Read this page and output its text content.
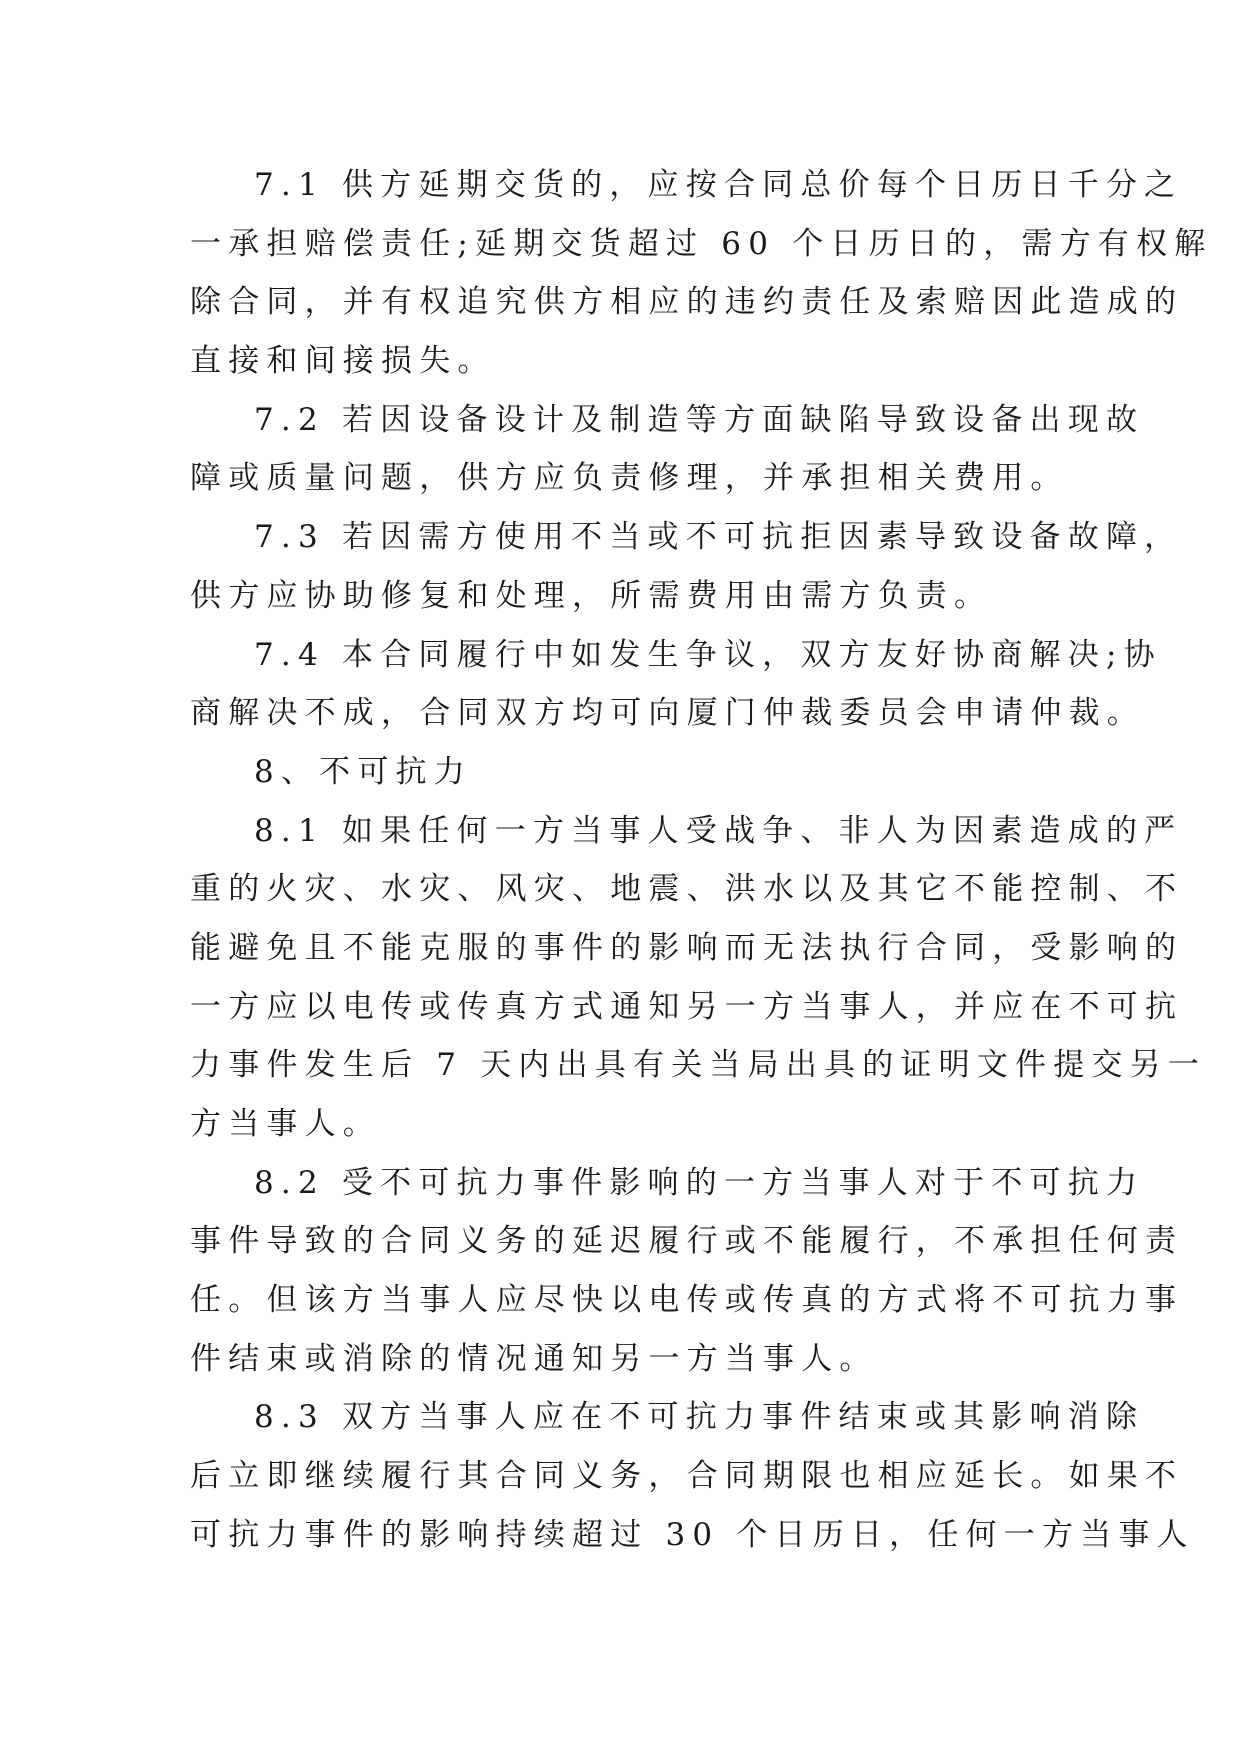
7.1 供方延期交货的，应按合同总价每个日历日千分之
一承担赔偿责任;延期交货超过 60 个日历日的，需方有权解
除合同，并有权追究供方相应的违约责任及索赔因此造成的
直接和间接损失。
7.2 若因设备设计及制造等方面缺陷导致设备出现故
障或质量问题，供方应负责修理，并承担相关费用。
7.3 若因需方使用不当或不可抗拒因素导致设备故障，
供方应协助修复和处理，所需费用由需方负责。
7.4 本合同履行中如发生争议，双方友好协商解决;协
商解决不成，合同双方均可向厦门仲裁委员会申请仲裁。
8、不可抗力
8.1 如果任何一方当事人受战争、非人为因素造成的严
重的火灾、水灾、风灾、地震、洪水以及其它不能控制、不
能避免且不能克服的事件的影响而无法执行合同，受影响的
一方应以电传或传真方式通知另一方当事人，并应在不可抗
力事件发生后 7 天内出具有关当局出具的证明文件提交另一
方当事人。
8.2 受不可抗力事件影响的一方当事人对于不可抗力
事件导致的合同义务的延迟履行或不能履行，不承担任何责
任。但该方当事人应尽快以电传或传真的方式将不可抗力事
件结束或消除的情况通知另一方当事人。
8.3 双方当事人应在不可抗力事件结束或其影响消除
后立即继续履行其合同义务，合同期限也相应延长。如果不
可抗力事件的影响持续超过 30 个日历日，任何一方当事人
